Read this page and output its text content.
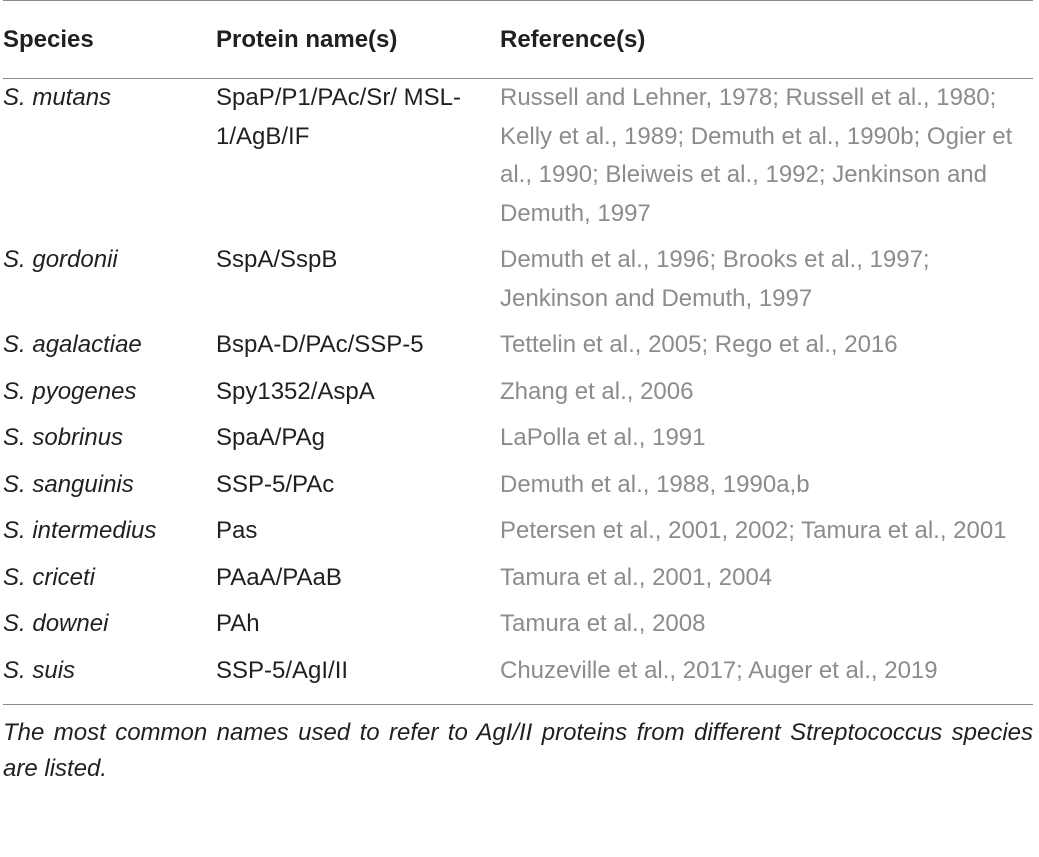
Species	Protein name(s)	Reference(s)

S. mutans	SpaP/P1/PAc/Sr/ MSL-1/AgB/IF	Russell and Lehner, 1978; Russell et al., 1980; Kelly et al., 1989; Demuth et al., 1990b; Ogier et al., 1990; Bleiweis et al., 1992; Jenkinson and Demuth, 1997
S. gordonii	SspA/SspB	Demuth et al., 1996; Brooks et al., 1997; Jenkinson and Demuth, 1997
S. agalactiae	BspA-D/PAc/SSP-5	Tettelin et al., 2005; Rego et al., 2016
S. pyogenes	Spy1352/AspA	Zhang et al., 2006
S. sobrinus	SpaA/PAg	LaPolla et al., 1991
S. sanguinis	SSP-5/PAc	Demuth et al., 1988, 1990a,b
S. intermedius	Pas	Petersen et al., 2001, 2002; Tamura et al., 2001
S. criceti	PAaA/PAaB	Tamura et al., 2001, 2004
S. downei	PAh	Tamura et al., 2008
S. suis	SSP-5/AgI/II	Chuzeville et al., 2017; Auger et al., 2019
The most common names used to refer to AgI/II proteins from different Streptococcus species are listed.
